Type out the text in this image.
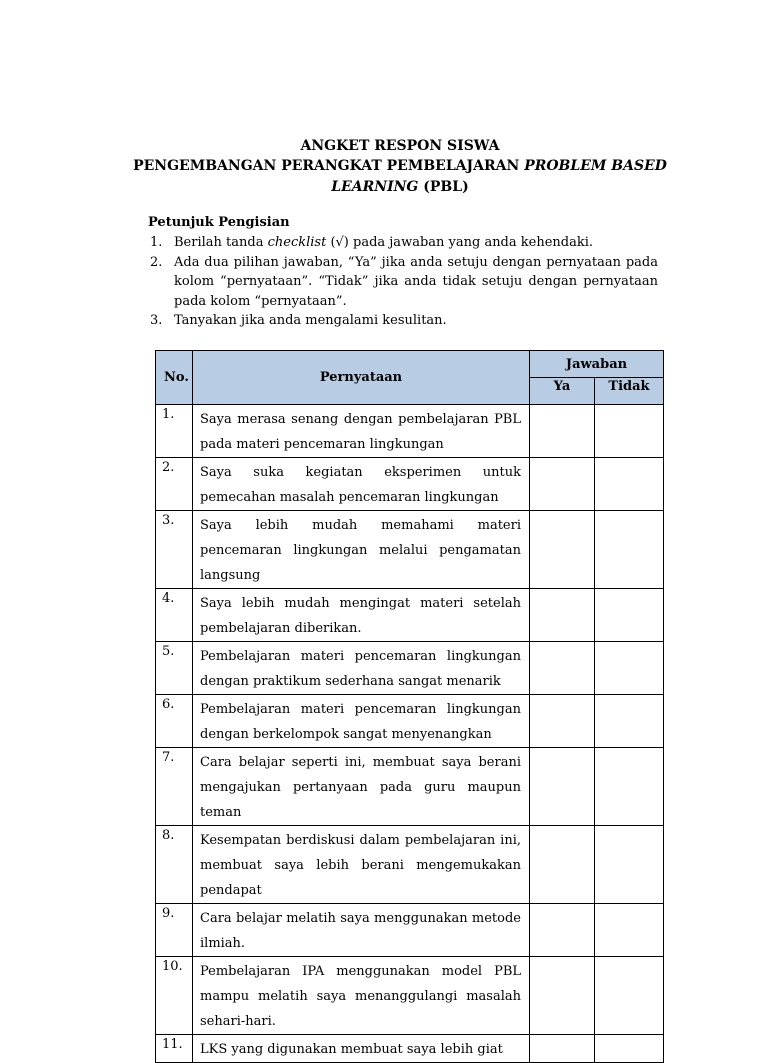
ANGKET RESPON SISWA
PENGEMBANGAN PERANGKAT PEMBELAJARAN PROBLEM BASED
LEARNING (PBL)
Petunjuk Pengisian
1. Berilah tanda checklist (√) pada jawaban yang anda kehendaki.
2. Ada dua pilihan jawaban, “Ya” jika anda setuju dengan pernyataan pada kolom “pernyataan”. “Tidak” jika anda tidak setuju dengan pernyataan pada kolom “pernyataan”.
3. Tanyakan jika anda mengalami kesulitan.
No.	Pernyataan	Jawaban	
		Ya	Tidak
1.	Saya merasa senang dengan pembelajaran PBL pada materi pencemaran lingkungan		

2.	Saya suka kegiatan eksperimen untuk pemecahan masalah pencemaran lingkungan		

3.	Saya lebih mudah memahami materi pencemaran lingkungan melalui pengamatan langsung		

4.	Saya lebih mudah mengingat materi setelah pembelajaran diberikan.		

5.	Pembelajaran materi pencemaran lingkungan dengan praktikum sederhana sangat menarik		

6.	Pembelajaran materi pencemaran lingkungan dengan berkelompok sangat menyenangkan		

7.	Cara belajar seperti ini, membuat saya berani mengajukan pertanyaan pada guru maupun teman		

8.	Kesempatan berdiskusi dalam pembelajaran ini, membuat saya lebih berani mengemukakan pendapat		

9.	Cara belajar melatih saya menggunakan metode ilmiah.		

10.	Pembelajaran IPA menggunakan model PBL mampu melatih saya menanggulangi masalah sehari-hari.		

11.	LKS yang digunakan membuat saya lebih giat		
